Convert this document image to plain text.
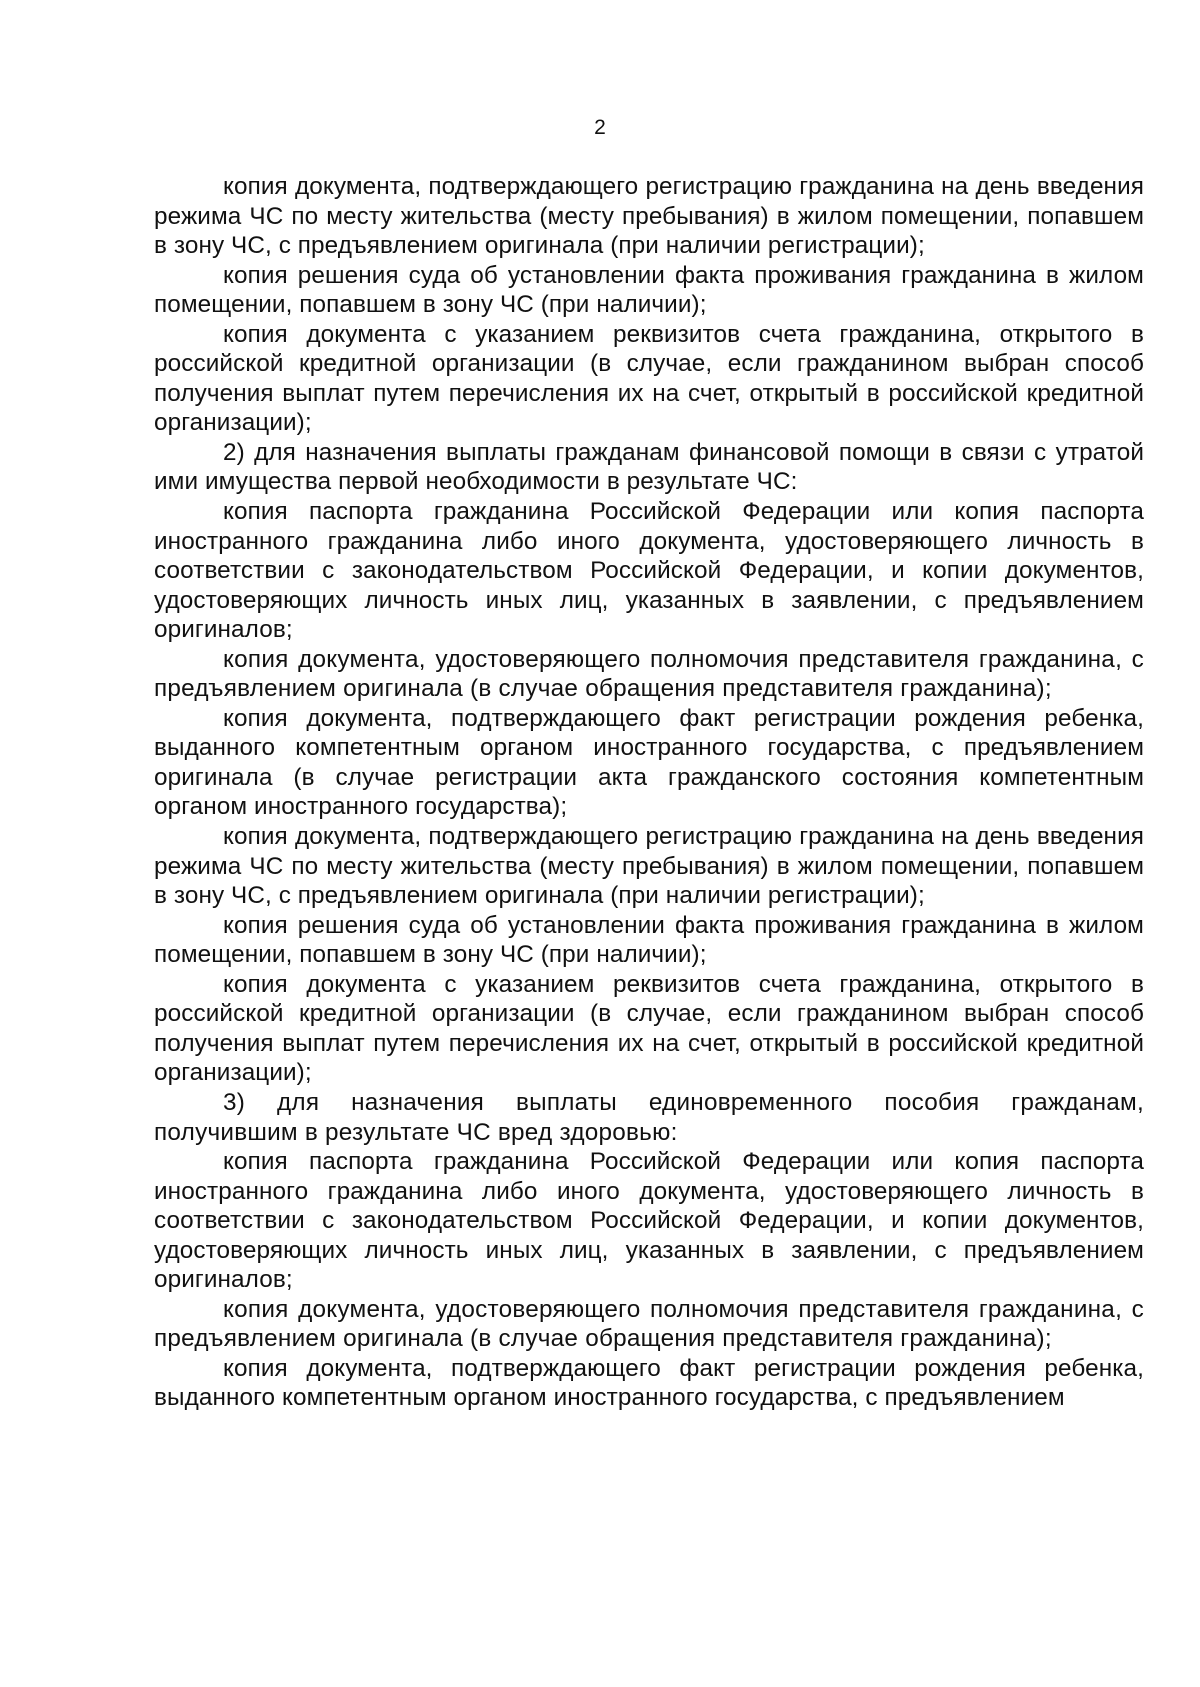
2

копия документа, подтверждающего регистрацию гражданина на день введения режима ЧС по месту жительства (месту пребывания) в жилом помещении, попавшем в зону ЧС, с предъявлением оригинала (при наличии регистрации);

копия решения суда об установлении факта проживания гражданина в жилом помещении, попавшем в зону ЧС (при наличии);

копия документа с указанием реквизитов счета гражданина, открытого в российской кредитной организации (в случае, если гражданином выбран способ получения выплат путем перечисления их на счет, открытый в российской кредитной организации);

2) для назначения выплаты гражданам финансовой помощи в связи с утратой ими имущества первой необходимости в результате ЧС:

копия паспорта гражданина Российской Федерации или копия паспорта иностранного гражданина либо иного документа, удостоверяющего личность в соответствии с законодательством Российской Федерации, и копии документов, удостоверяющих личность иных лиц, указанных в заявлении, с предъявлением оригиналов;

копия документа, удостоверяющего полномочия представителя гражданина, с предъявлением оригинала (в случае обращения представителя гражданина);

копия документа, подтверждающего факт регистрации рождения ребенка, выданного компетентным органом иностранного государства, с предъявлением оригинала (в случае регистрации акта гражданского состояния компетентным органом иностранного государства);

копия документа, подтверждающего регистрацию гражданина на день введения режима ЧС по месту жительства (месту пребывания) в жилом помещении, попавшем в зону ЧС, с предъявлением оригинала (при наличии регистрации);

копия решения суда об установлении факта проживания гражданина в жилом помещении, попавшем в зону ЧС (при наличии);

копия документа с указанием реквизитов счета гражданина, открытого в российской кредитной организации (в случае, если гражданином выбран способ получения выплат путем перечисления их на счет, открытый в российской кредитной организации);

3) для назначения выплаты единовременного пособия гражданам, получившим в результате ЧС вред здоровью:

копия паспорта гражданина Российской Федерации или копия паспорта иностранного гражданина либо иного документа, удостоверяющего личность в соответствии с законодательством Российской Федерации, и копии документов, удостоверяющих личность иных лиц, указанных в заявлении, с предъявлением оригиналов;

копия документа, удостоверяющего полномочия представителя гражданина, с предъявлением оригинала (в случае обращения представителя гражданина);

копия документа, подтверждающего факт регистрации рождения ребенка, выданного компетентным органом иностранного государства, с предъявлением
